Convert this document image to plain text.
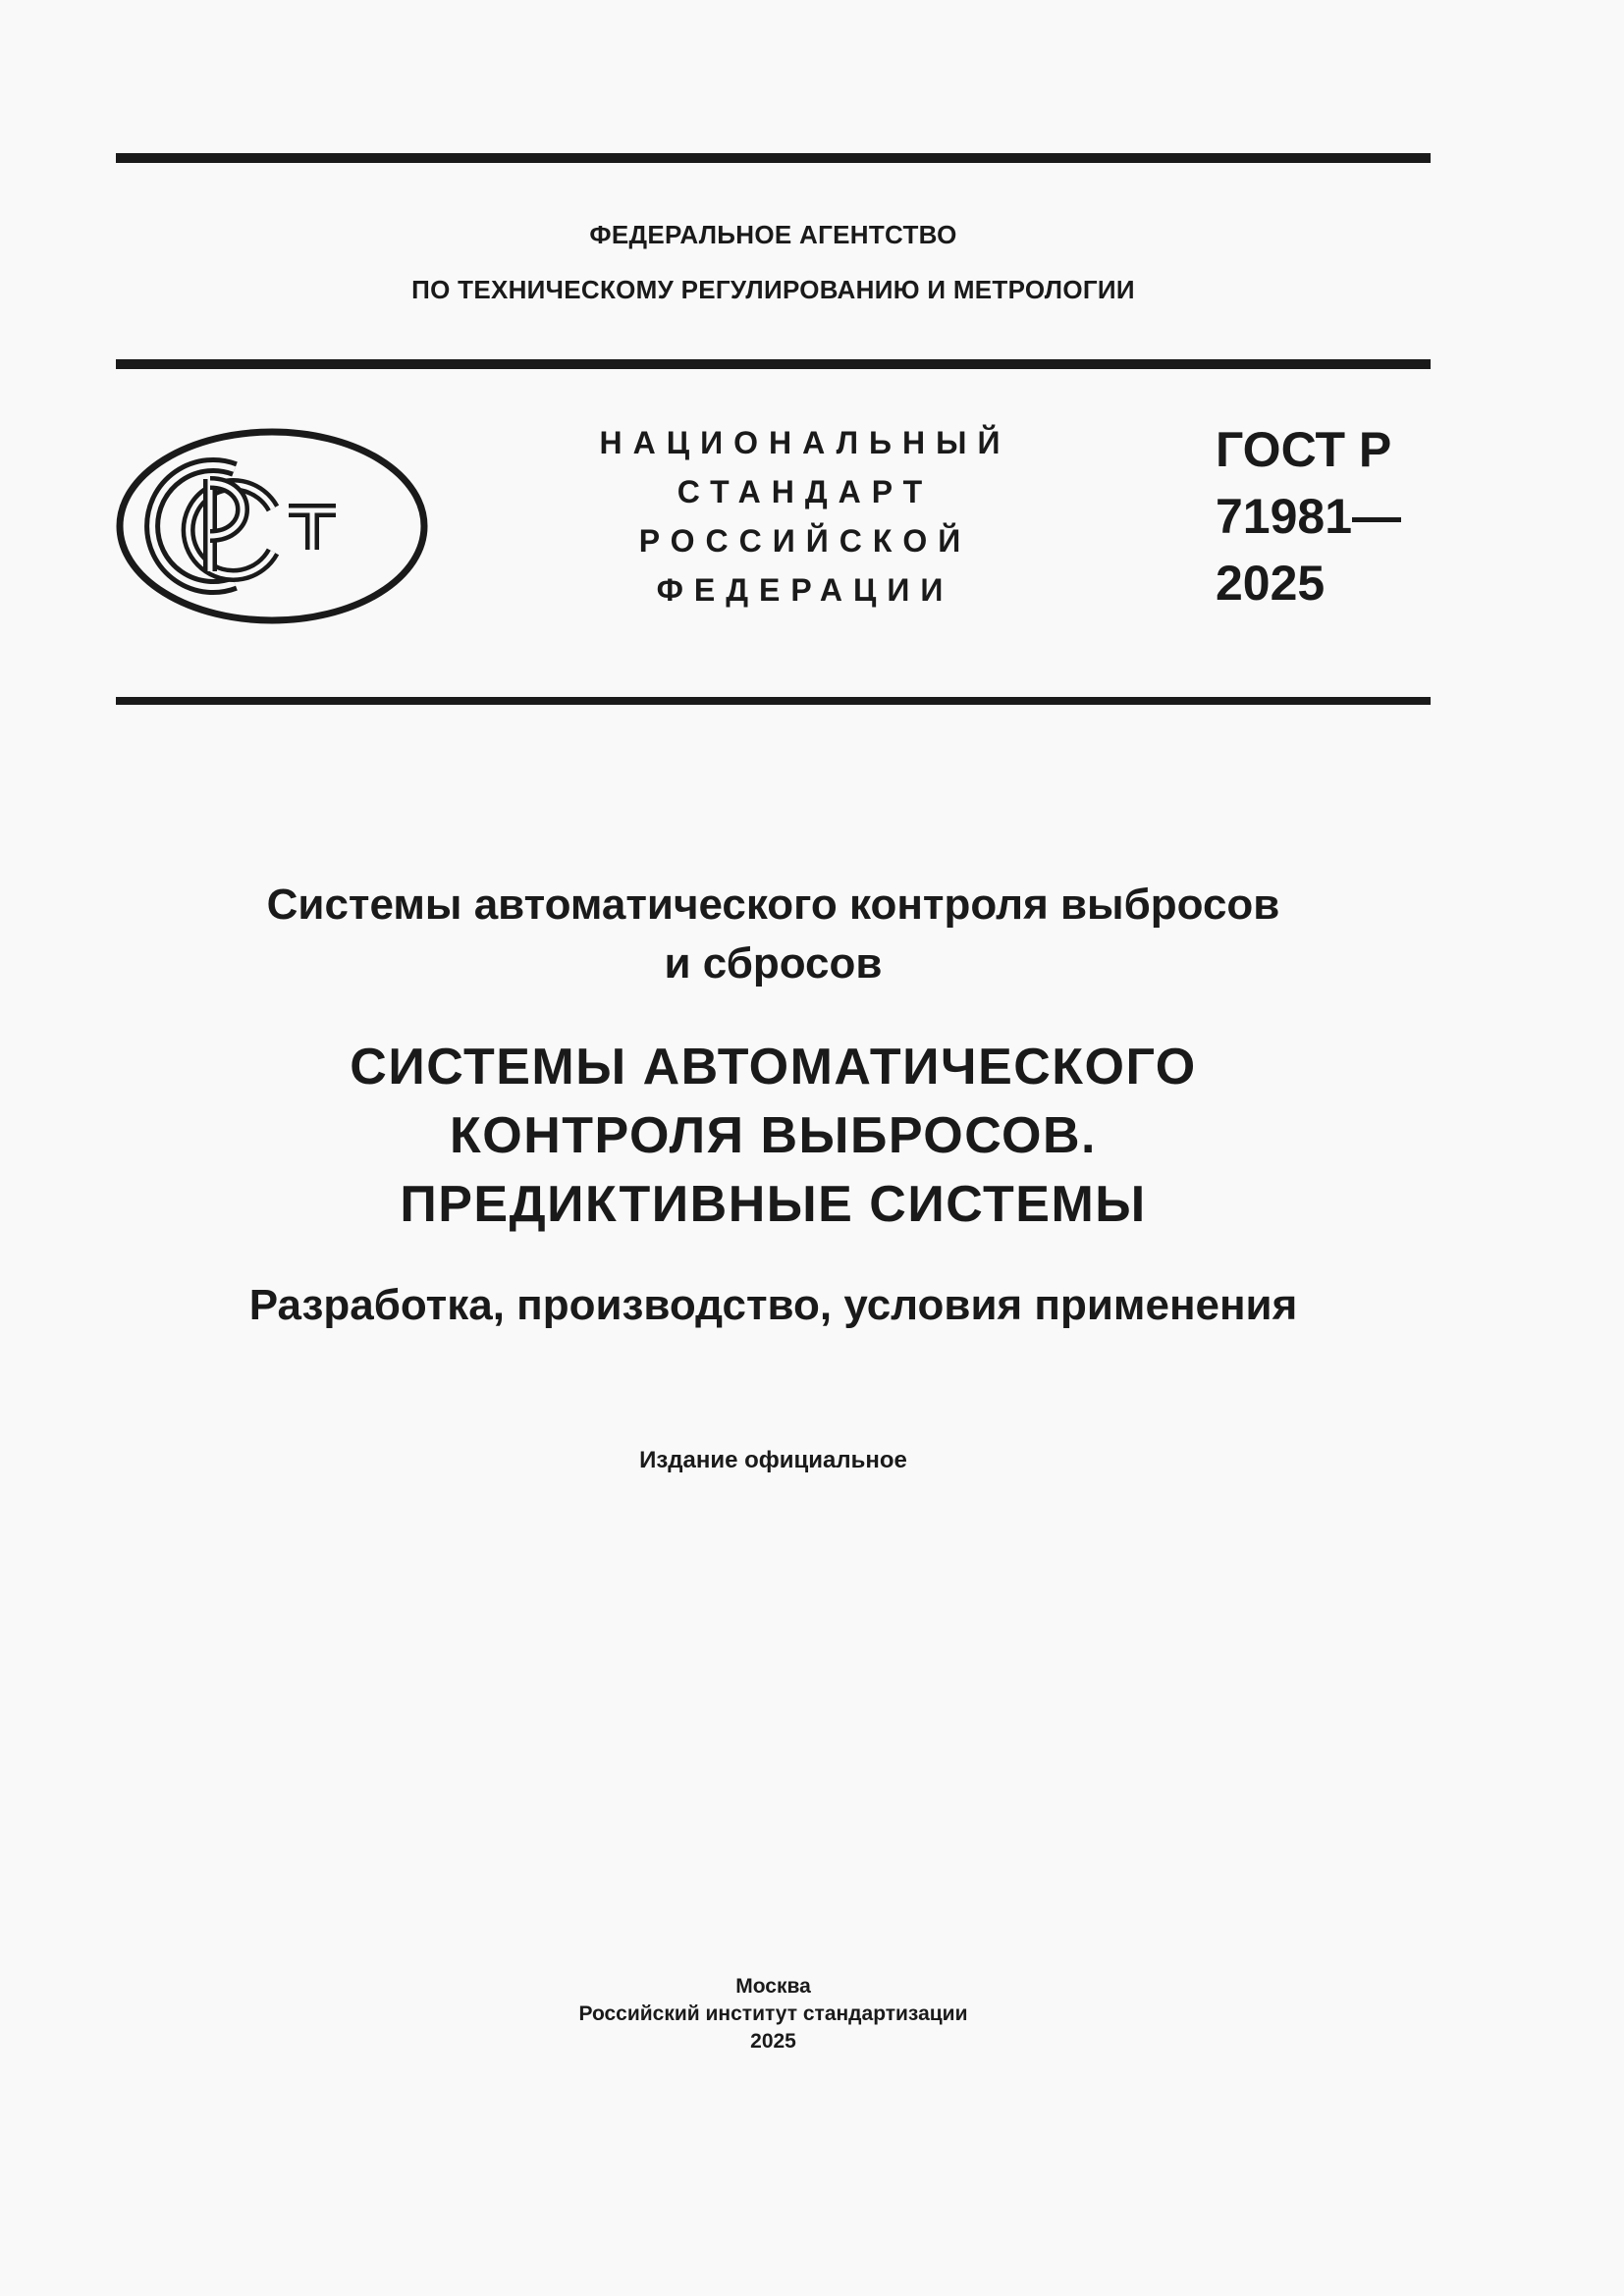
ФЕДЕРАЛЬНОЕ АГЕНТСТВО
ПО ТЕХНИЧЕСКОМУ РЕГУЛИРОВАНИЮ И МЕТРОЛОГИИ
НАЦИОНАЛЬНЫЙ
СТАНДАРТ
РОССИЙСКОЙ
ФЕДЕРАЦИИ
ГОСТ Р
71981—
2025
Системы автоматического контроля выбросов
и сбросов
СИСТЕМЫ АВТОМАТИЧЕСКОГО
КОНТРОЛЯ ВЫБРОСОВ.
ПРЕДИКТИВНЫЕ СИСТЕМЫ
Разработка, производство, условия применения
Издание официальное
Москва
Российский институт стандартизации
2025
